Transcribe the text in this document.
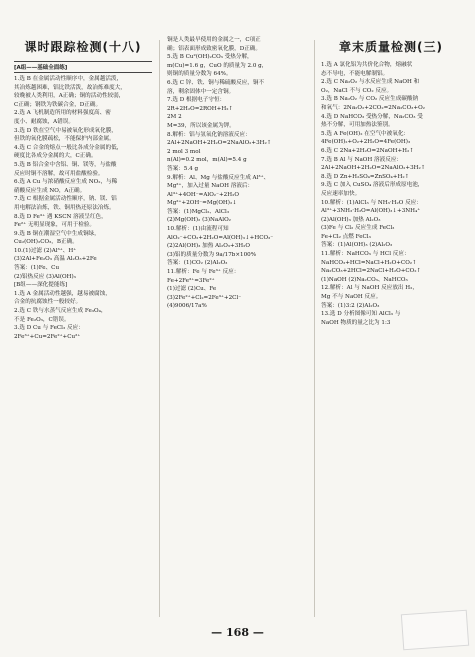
课时跟踪检测(十八)
[A组——基础全面练]
1.选 B 在金属活动性顺序中，金属越活泼，
其冶炼越困难，铝比铁活泼，故冶炼难度大，
较晚被人类利用，A正确；铜的活动性较弱，
C正确；钢铁为铁碳合金，D正确。
2.选 A 飞机制造所用的材料强度高、密
度小、耐腐蚀，A错误。
3.选 D 铁在空气中易被氧化形成氧化膜，
但铁的氧化膜疏松，不能保护内部金属。
4.选 C 合金的熔点一般比各成分金属的低，
硬度比各成分金属的大，C正确。
5.选 B 铝合金中含铝、铜、镁等，与盐酸
反应时铜不溶解，故可用盐酸检验。
6.选 A Cu 与浓硝酸反应生成 NO₂，与稀
硝酸反应生成 NO，A正确。
7.选 C 根据金属活动性顺序，钠、镁、铝
用电解法冶炼，铁、铜用热还原法冶炼。
8.选 D Fe³⁺ 遇 KSCN 溶液呈红色，
Fe²⁺ 无明显现象，可用于检验。
9.选 B 铜在潮湿空气中生成铜绿，
Cu₂(OH)₂CO₃，B正确。
10.(1)过滤 (2)Al³⁺、H⁺
(3)2Al+Fe₂O₃ 高温 Al₂O₃+2Fe
答案：(1)Fe、Cu
(2)铝热反应 (3)Al(OH)₃
[B组——深化提能练]
1.选 A 金属活动性越强，越易被腐蚀，
合金的抗腐蚀性一般较好。
2.选 C 铁与水蒸气反应生成 Fe₃O₄，
不是 Fe₂O₃，C错误。
3.选 D Cu 与 FeCl₃ 反应：
2Fe³⁺+Cu=2Fe²⁺+Cu²⁺
铜是人类最早使用的金属之一，C项正
确；铝表面形成致密氧化膜，D正确。
5.选 B Cu²(OH)₂CO₃ 受热分解，
m(Cu)=1.6 g，CuO 的质量为 2.0 g，
则铜的质量分数为 64%。
6.选 C 锌、铁、铜与稀硫酸反应，铜不
溶，剩余固体中一定含铜。
7.选 D 根据电子守恒：
2R+2H₂O=2ROH+H₂↑
2M 2
M=39，所以该金属为钾。
8.解析：铝与氢氧化钠溶液反应：
2Al+2NaOH+2H₂O=2NaAlO₂+3H₂↑
2 mol 3 mol
n(Al)=0.2 mol，m(Al)=5.4 g
答案：5.4 g
9.解析：Al、Mg 与盐酸反应生成 Al³⁺、
Mg²⁺，加入过量 NaOH 溶液后：
Al³⁺+4OH⁻=AlO₂⁻+2H₂O
Mg²⁺+2OH⁻=Mg(OH)₂↓
答案：(1)MgCl₂、AlCl₃
(2)Mg(OH)₂ (3)NaAlO₂
10.解析：(1)由流程可知
AlO₂⁻+CO₂+2H₂O=Al(OH)₃↓+HCO₃⁻
(2)2Al(OH)₃ 加热 Al₂O₃+3H₂O
(3)铝的质量分数为 9a/17b×100%
答案：(1)CO₂ (2)Al₂O₃
11.解析：Fe 与 Fe³⁺ 反应：
Fe+2Fe³⁺=3Fe²⁺
(1)过滤 (2)Cu、Fe
(3)2Fe²⁺+Cl₂=2Fe³⁺+2Cl⁻
(4)9006/17a%
章末质量检测(三)
1.选 A 氯化铝为共价化合物，熔融状
态不导电，不能电解制铝。
2.选 C Na₂O₂ 与水反应生成 NaOH 和
O₂，NaCl 不与 CO₂ 反应。
3.选 B Na₂O₂ 与 CO₂ 反应生成碳酸钠
和氧气：2Na₂O₂+2CO₂=2Na₂CO₃+O₂
4.选 D NaHCO₃ 受热分解，Na₂CO₃ 受
热不分解，可用加热法鉴别。
5.选 A Fe(OH)₂ 在空气中被氧化：
4Fe(OH)₂+O₂+2H₂O=4Fe(OH)₃
6.选 C 2Na+2H₂O=2NaOH+H₂↑
7.选 B Al 与 NaOH 溶液反应：
2Al+2NaOH+2H₂O=2NaAlO₂+3H₂↑
8.选 D Zn+H₂SO₄=ZnSO₄+H₂↑
9.选 C 加入 CuSO₄ 溶液后形成原电池，
反应速率加快。
10.解析：(1)AlCl₃ 与 NH₃·H₂O 反应：
Al³⁺+3NH₃·H₂O=Al(OH)₃↓+3NH₄⁺
(2)Al(OH)₃ 加热 Al₂O₃
(3)Fe 与 Cl₂ 反应生成 FeCl₃
Fe+Cl₂ 点燃 FeCl₃
答案：(1)Al(OH)₃ (2)Al₂O₃
11.解析：NaHCO₃ 与 HCl 反应：
NaHCO₃+HCl=NaCl+H₂O+CO₂↑
Na₂CO₃+2HCl=2NaCl+H₂O+CO₂↑
(1)NaOH (2)Na₂CO₃、NaHCO₃
12.解析：Al 与 NaOH 反应放出 H₂，
Mg 不与 NaOH 反应。
答案：(1)3:2 (2)Al₂O₃
13.选 D 分析图像可知 AlCl₃ 与
NaOH 物质的量之比为 1:3
— 168 —
